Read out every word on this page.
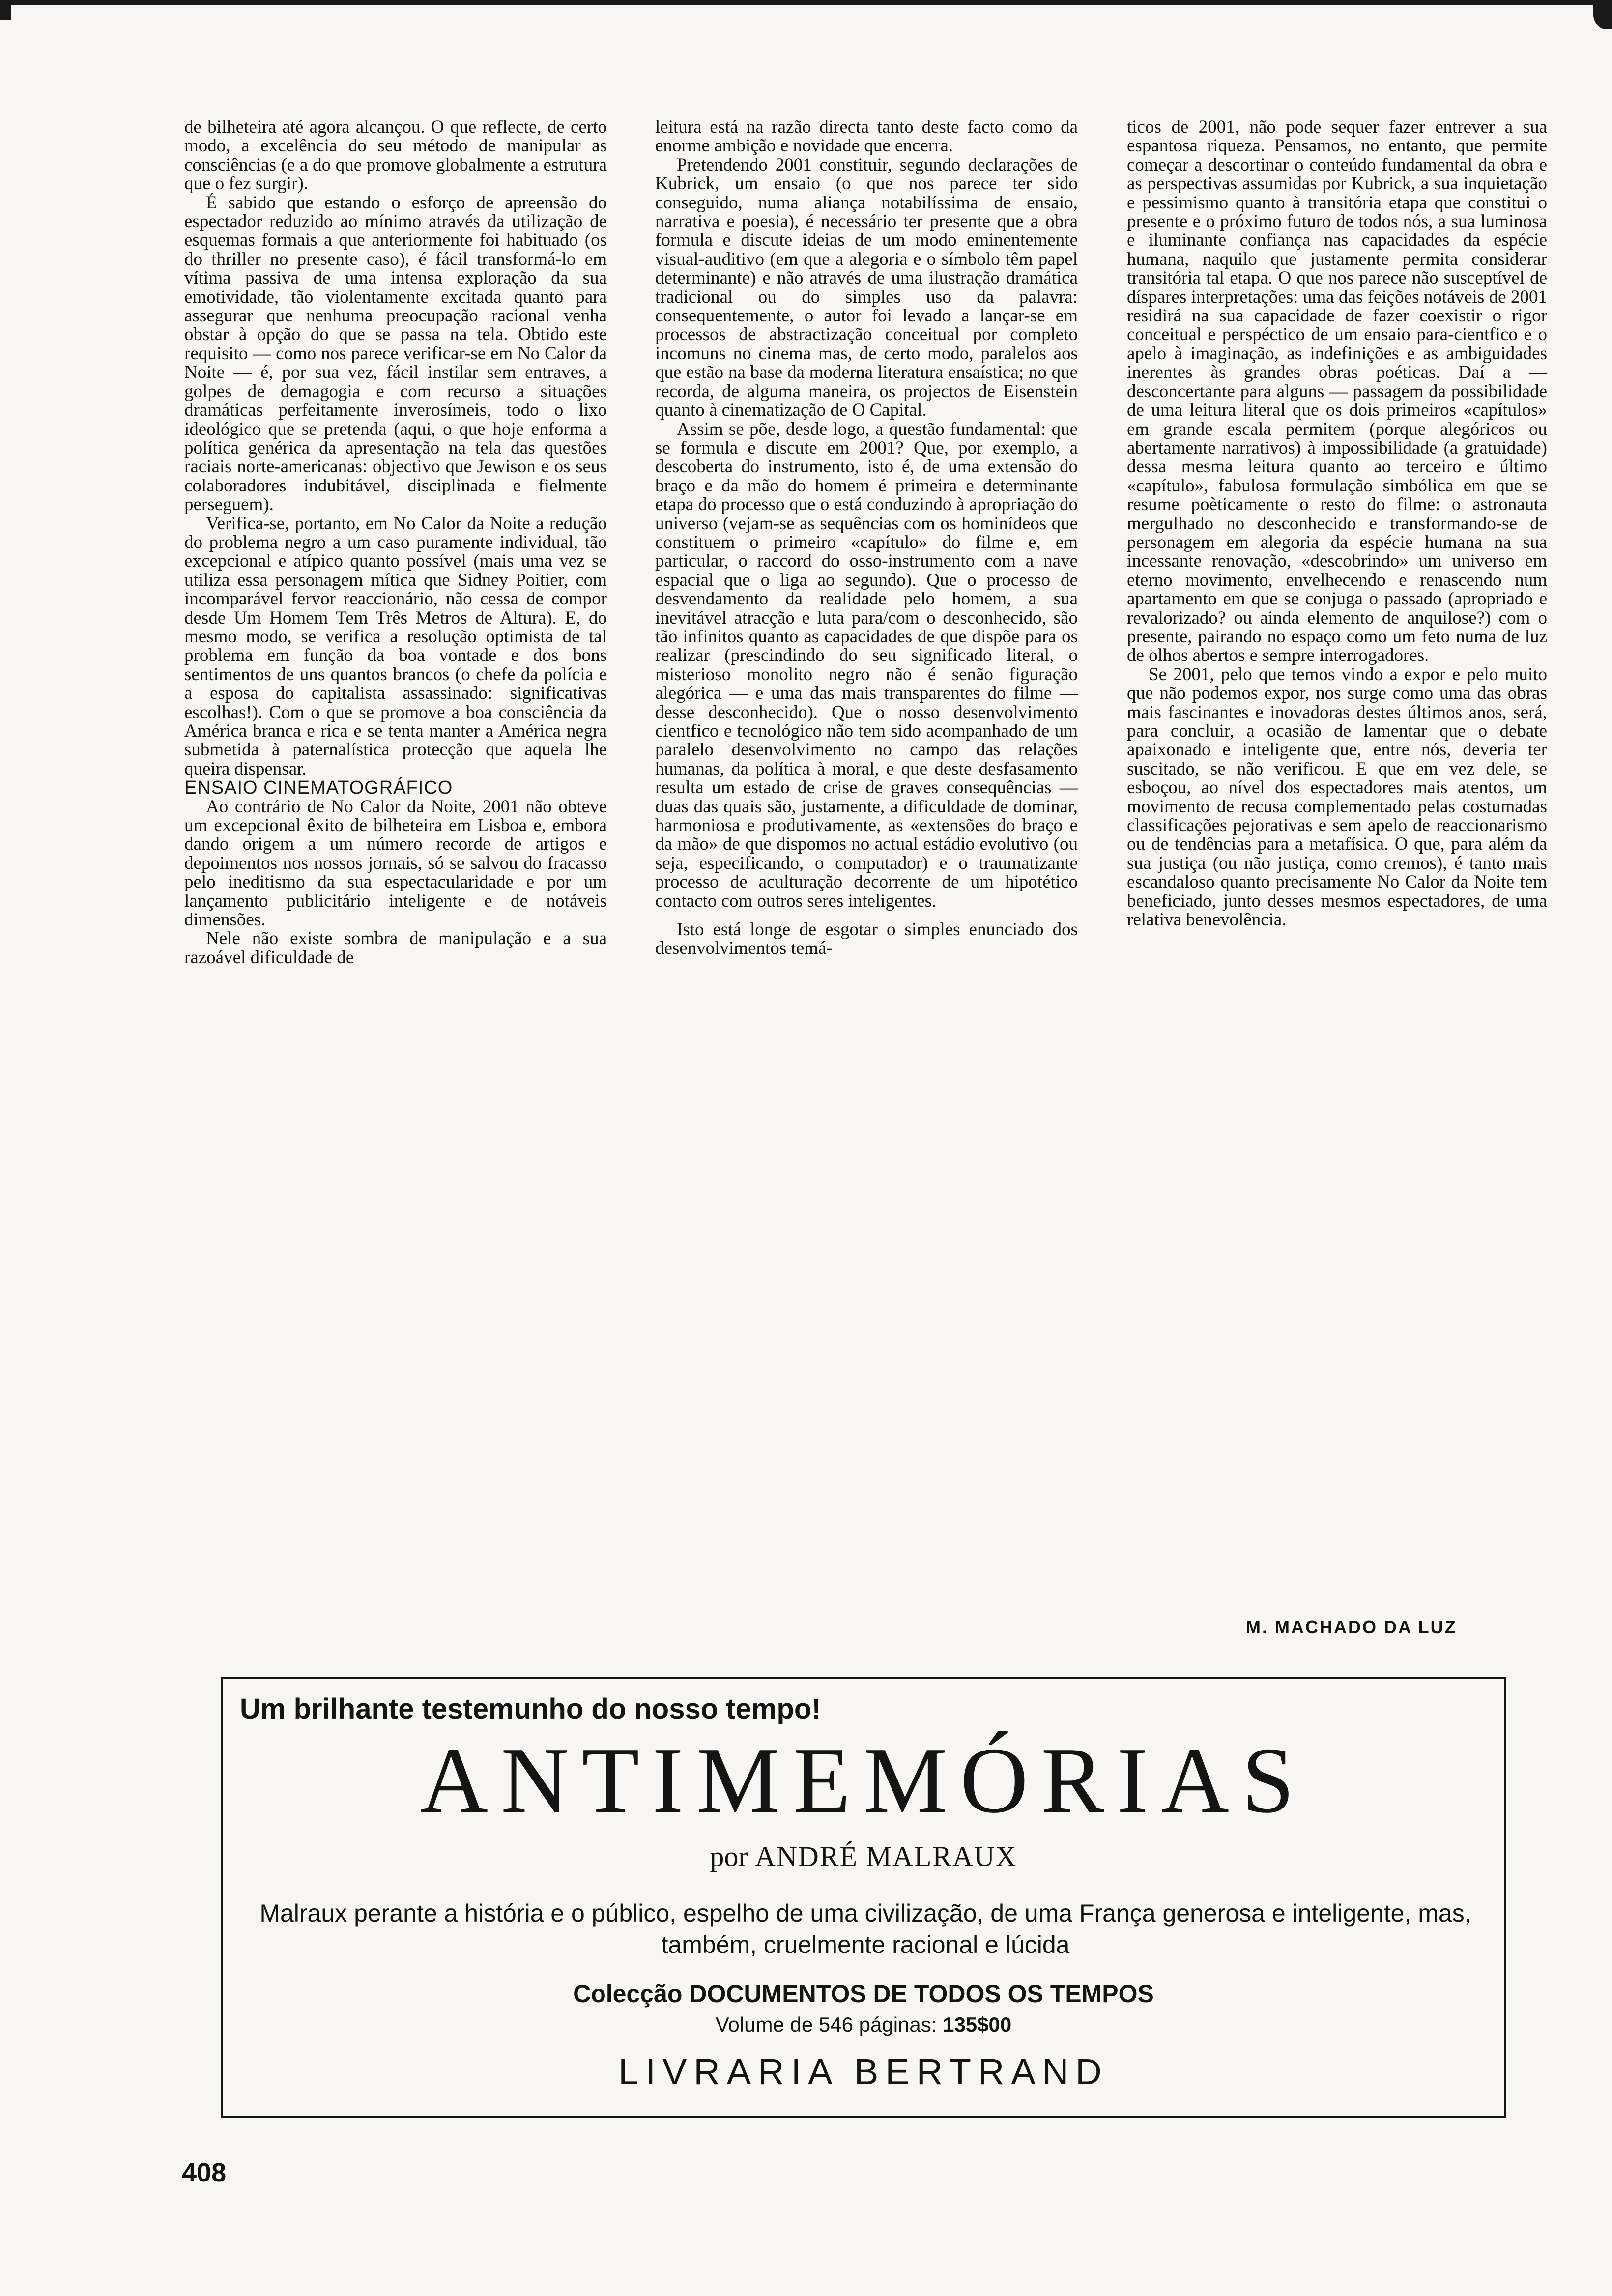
de bilheteira até agora alcançou. O que reflecte, de certo modo, a excelência do seu método de manipular as consciências (e a do que promove globalmente a estrutura que o fez surgir).

É sabido que estando o esforço de apreensão do espectador reduzido ao mínimo através da utilização de esquemas formais a que anteriormente foi habituado (os do thriller no presente caso), é fácil transformá-lo em vítima passiva de uma intensa exploração da sua emotividade, tão violentamente excitada quanto para assegurar que nenhuma preocupação racional venha obstar à opção do que se passa na tela. Obtido este requisito — como nos parece verificar-se em No Calor da Noite — é, por sua vez, fácil instilar sem entraves, a golpes de demagogia e com recurso a situações dramáticas perfeitamente inverosímeis, todo o lixo ideológico que se pretenda (aqui, o que hoje enforma a política genérica da apresentação na tela das questões raciais norte-americanas: objectivo que Jewison e os seus colaboradores indubitável, disciplinada e fielmente perseguem).

Verifica-se, portanto, em No Calor da Noite a redução do problema negro a um caso puramente individual, tão excepcional e atípico quanto possível (mais uma vez se utiliza essa personagem mítica que Sidney Poitier, com incomparável fervor reaccionário, não cessa de compor desde Um Homem Tem Três Metros de Altura). E, do mesmo modo, se verifica a resolução optimista de tal problema em função da boa vontade e dos bons sentimentos de uns quantos brancos (o chefe da polícia e a esposa do capitalista assassinado: significativas escolhas!). Com o que se promove a boa consciência da América branca e rica e se tenta manter a América negra submetida à paternalística protecção que aquela lhe queira dispensar.

ENSAIO CINEMATOGRÁFICO

Ao contrário de No Calor da Noite, 2001 não obteve um excepcional êxito de bilheteira em Lisboa e, embora dando origem a um número recorde de artigos e depoimentos nos nossos jornais, só se salvou do fracasso pelo ineditismo da sua espectacularidade e por um lançamento publicitário inteligente e de notáveis dimensões.

Nele não existe sombra de manipulação e a sua razoável dificuldade de

leitura está na razão directa tanto deste facto como da enorme ambição e novidade que encerra.

Pretendendo 2001 constituir, segundo declarações de Kubrick, um ensaio (o que nos parece ter sido conseguido, numa aliança notabilíssima de ensaio, narrativa e poesia), é necessário ter presente que a obra formula e discute ideias de um modo eminentemente visual-auditivo (em que a alegoria e o símbolo têm papel determinante) e não através de uma ilustração dramática tradicional ou do simples uso da palavra: consequentemente, o autor foi levado a lançar-se em processos de abstractização conceitual por completo incomuns no cinema mas, de certo modo, paralelos aos que estão na base da moderna literatura ensaística; no que recorda, de alguma maneira, os projectos de Eisenstein quanto à cinematização de O Capital.

Assim se põe, desde logo, a questão fundamental: que se formula e discute em 2001? Que, por exemplo, a descoberta do instrumento, isto é, de uma extensão do braço e da mão do homem é primeira e determinante etapa do processo que o está conduzindo à apropriação do universo (vejam-se as sequências com os hominídeos que constituem o primeiro «capítulo» do filme e, em particular, o raccord do osso-instrumento com a nave espacial que o liga ao segundo). Que o processo de desvendamento da realidade pelo homem, a sua inevitável atracção e luta para/com o desconhecido, são tão infinitos quanto as capacidades de que dispõe para os realizar (prescindindo do seu significado literal, o misterioso monolito negro não é senão figuração alegórica — e uma das mais transparentes do filme — desse desconhecido). Que o nosso desenvolvimento cientfico e tecnológico não tem sido acompanhado de um paralelo desenvolvimento no campo das relações humanas, da política à moral, e que deste desfasamento resulta um estado de crise de graves consequências — duas das quais são, justamente, a dificuldade de dominar, harmoniosa e produtivamente, as «extensões do braço e da mão» de que dispomos no actual estádio evolutivo (ou seja, especificando, o computador) e o traumatizante processo de aculturação decorrente de um hipotético contacto com outros seres inteligentes.

Isto está longe de esgotar o simples enunciado dos desenvolvimentos temá-

ticos de 2001, não pode sequer fazer entrever a sua espantosa riqueza. Pensamos, no entanto, que permite começar a descortinar o conteúdo fundamental da obra e as perspectivas assumidas por Kubrick, a sua inquietação e pessimismo quanto à transitória etapa que constitui o presente e o próximo futuro de todos nós, a sua luminosa e iluminante confiança nas capacidades da espécie humana, naquilo que justamente permita considerar transitória tal etapa. O que nos parece não susceptível de díspares interpretações: uma das feições notáveis de 2001 residirá na sua capacidade de fazer coexistir o rigor conceitual e perspéctico de um ensaio para-cientfico e o apelo à imaginação, as indefinições e as ambiguidades inerentes às grandes obras poéticas. Daí a — desconcertante para alguns — passagem da possibilidade de uma leitura literal que os dois primeiros «capítulos» em grande escala permitem (porque alegóricos ou abertamente narrativos) à impossibilidade (a gratuidade) dessa mesma leitura quanto ao terceiro e último «capítulo», fabulosa formulação simbólica em que se resume poèticamente o resto do filme: o astronauta mergulhado no desconhecido e transformando-se de personagem em alegoria da espécie humana na sua incessante renovação, «descobrindo» um universo em eterno movimento, envelhecendo e renascendo num apartamento em que se conjuga o passado (apropriado e revalorizado? ou ainda elemento de anquilose?) com o presente, pairando no espaço como um feto numa de luz de olhos abertos e sempre interrogadores.

Se 2001, pelo que temos vindo a expor e pelo muito que não podemos expor, nos surge como uma das obras mais fascinantes e inovadoras destes últimos anos, será, para concluir, a ocasião de lamentar que o debate apaixonado e inteligente que, entre nós, deveria ter suscitado, se não verificou. E que em vez dele, se esboçou, ao nível dos espectadores mais atentos, um movimento de recusa complementado pelas costumadas classificações pejorativas e sem apelo de reaccionarismo ou de tendências para a metafísica. O que, para além da sua justiça (ou não justiça, como cremos), é tanto mais escandaloso quanto precisamente No Calor da Noite tem beneficiado, junto desses mesmos espectadores, de uma relativa benevolência.

M. MACHADO DA LUZ
Um brilhante testemunho do nosso tempo!
ANTIMEMÓRIAS
por ANDRÉ MALRAUX
Malraux perante a história e o público, espelho de uma civilização, de uma França generosa e inteligente, mas, também, cruelmente racional e lúcida
Colecção DOCUMENTOS DE TODOS OS TEMPOS
Volume de 546 páginas: 135$00
LIVRARIA BERTRAND
408
